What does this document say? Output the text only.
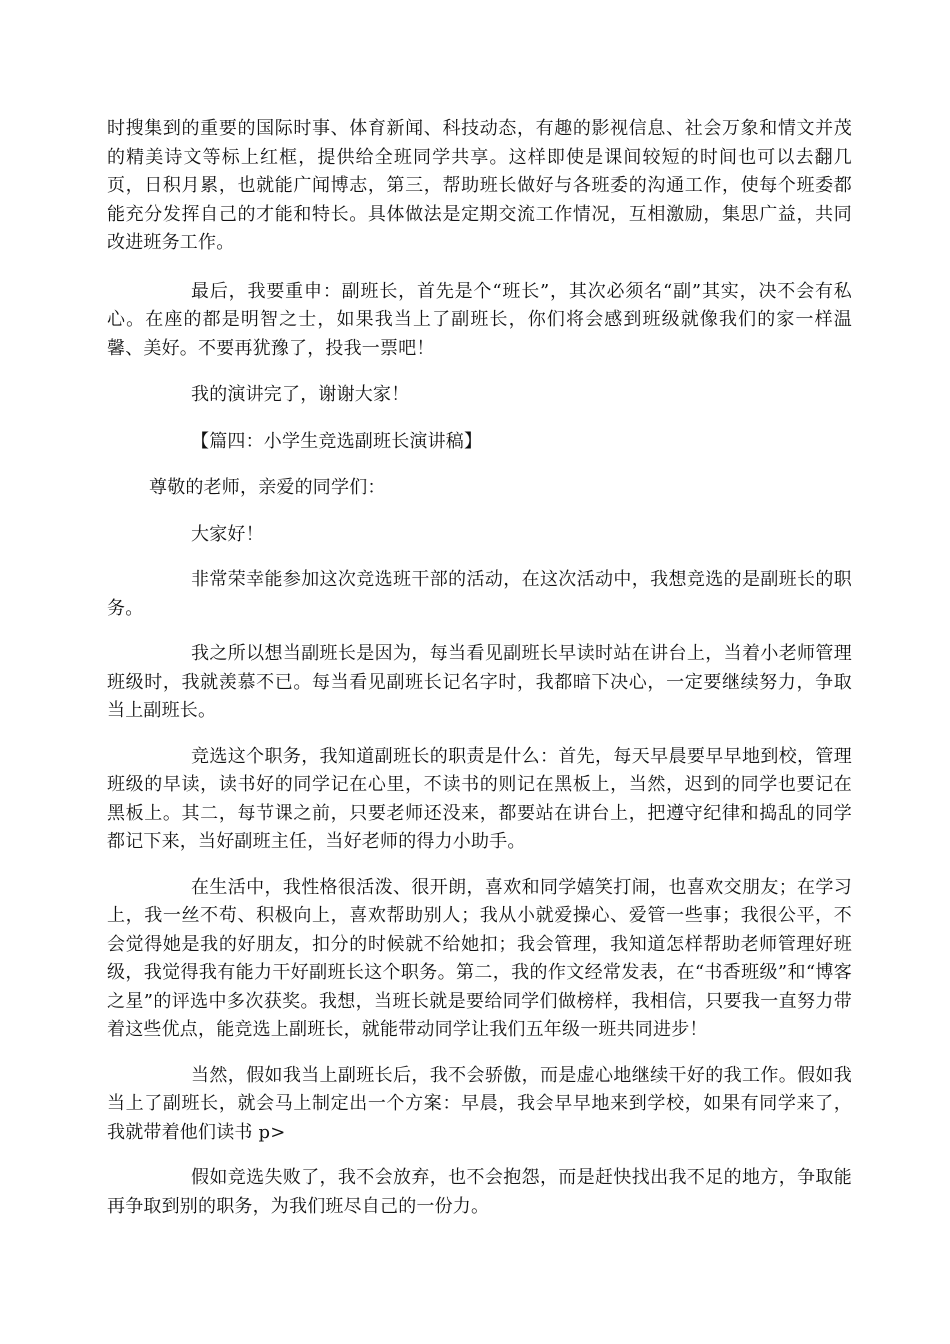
时搜集到的重要的国际时事、体育新闻、科技动态，有趣的影视信息、社会万象和情文并茂的精美诗文等标上红框，提供给全班同学共享。这样即使是课间较短的时间也可以去翻几页，日积月累，也就能广闻博志，第三，帮助班长做好与各班委的沟通工作，使每个班委都能充分发挥自己的才能和特长。具体做法是定期交流工作情况，互相激励，集思广益，共同改进班务工作。

最后，我要重申：副班长，首先是个“班长”，其次必须名“副”其实，决不会有私心。在座的都是明智之士，如果我当上了副班长，你们将会感到班级就像我们的家一样温馨、美好。不要再犹豫了，投我一票吧！

我的演讲完了，谢谢大家！

【篇四：小学生竞选副班长演讲稿】

尊敬的老师，亲爱的同学们：

大家好！

非常荣幸能参加这次竞选班干部的活动，在这次活动中，我想竞选的是副班长的职务。

我之所以想当副班长是因为，每当看见副班长早读时站在讲台上，当着小老师管理班级时，我就羡慕不已。每当看见副班长记名字时，我都暗下决心，一定要继续努力，争取当上副班长。

竞选这个职务，我知道副班长的职责是什么：首先，每天早晨要早早地到校，管理班级的早读，读书好的同学记在心里，不读书的则记在黑板上，当然，迟到的同学也要记在黑板上。其二，每节课之前，只要老师还没来，都要站在讲台上，把遵守纪律和捣乱的同学都记下来，当好副班主任，当好老师的得力小助手。

在生活中，我性格很活泼、很开朗，喜欢和同学嬉笑打闹，也喜欢交朋友；在学习上，我一丝不苟、积极向上，喜欢帮助别人；我从小就爱操心、爱管一些事；我很公平，不会觉得她是我的好朋友，扣分的时候就不给她扣；我会管理，我知道怎样帮助老师管理好班级，我觉得我有能力干好副班长这个职务。第二，我的作文经常发表，在“书香班级”和“博客之星”的评选中多次获奖。我想，当班长就是要给同学们做榜样，我相信，只要我一直努力带着这些优点，能竞选上副班长，就能带动同学让我们五年级一班共同进步！

当然，假如我当上副班长后，我不会骄傲，而是虚心地继续干好的我工作。假如我当上了副班长，就会马上制定出一个方案：早晨，我会早早地来到学校，如果有同学来了，我就带着他们读书 p>

假如竞选失败了，我不会放弃，也不会抱怨，而是赶快找出我不足的地方，争取能再争取到别的职务，为我们班尽自己的一份力。
